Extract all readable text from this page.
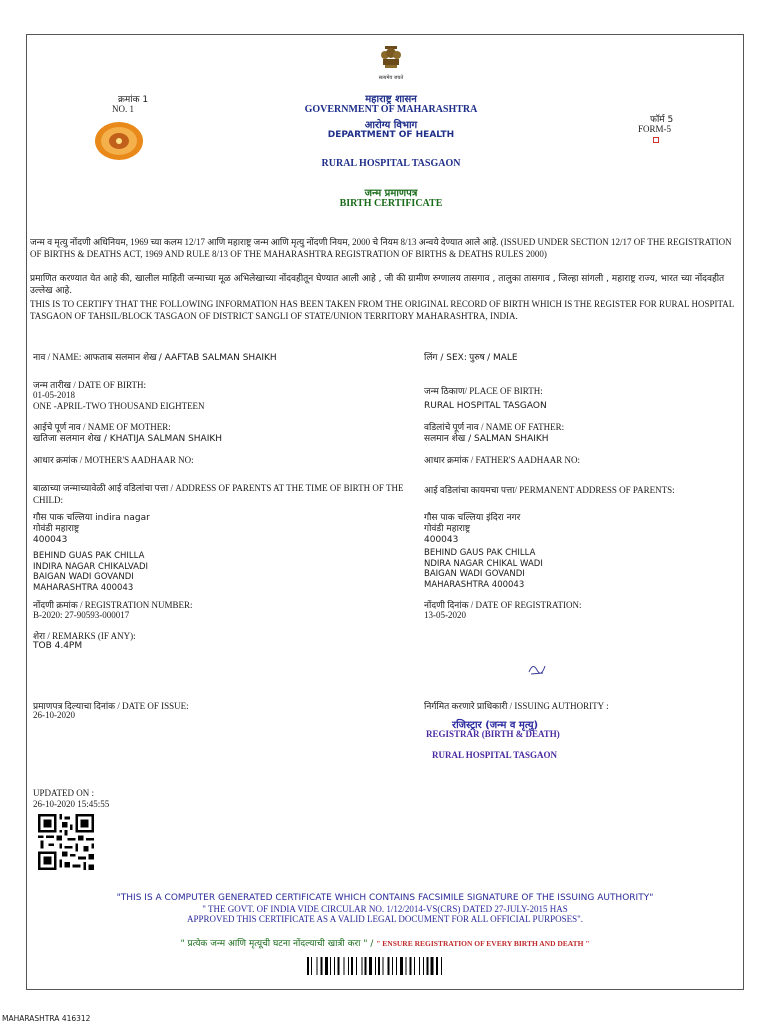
सत्यमेव जयते
क्रमांक 1
NO. 1
महाराष्ट्र शासन
GOVERNMENT OF MAHARASHTRA
आरोग्य विभाग
DEPARTMENT OF HEALTH
फॉर्म 5
FORM-5
RURAL HOSPITAL TASGAON
जन्म प्रमाणपत्र
BIRTH CERTIFICATE
जन्म व मृत्यु नोंदणी अधिनियम, 1969 च्या कलम 12/17 आणि महाराष्ट्र जन्म आणि मृत्यु नोंदणी नियम, 2000 चे नियम 8/13 अन्वये देण्यात आले आहे. (ISSUED UNDER SECTION 12/17 OF THE REGISTRATION OF BIRTHS & DEATHS ACT, 1969 AND RULE 8/13 OF THE MAHARASHTRA REGISTRATION OF BIRTHS & DEATHS RULES 2000)
प्रमाणित करण्यात येत आहे की, खालील माहिती जन्माच्या मूळ अभिलेखाच्या नोंदवहीतून घेण्यात आली आहे , जी की ग्रामीण रुग्णालय तासगाव , तालुका तासगाव , जिल्हा सांगली , महाराष्ट्र राज्य, भारत च्या नोंदवहीत उल्लेख आहे.
THIS IS TO CERTIFY THAT THE FOLLOWING INFORMATION HAS BEEN TAKEN FROM THE ORIGINAL RECORD OF BIRTH WHICH IS THE REGISTER FOR RURAL HOSPITAL TASGAON OF TAHSIL/BLOCK TASGAON OF DISTRICT SANGLI OF STATE/UNION TERRITORY MAHARASHTRA, INDIA.
नाव / NAME: आफताब सलमान शेख / AAFTAB SALMAN SHAIKH	लिंग / SEX: पुरुष / MALE
जन्म तारीख / DATE OF BIRTH:
01-05-2018
ONE -APRIL-TWO THOUSAND EIGHTEEN
जन्म ठिकाण/ PLACE OF BIRTH:
RURAL HOSPITAL TASGAON
आईचे पूर्ण नाव / NAME OF MOTHER:
खतिजा सलमान शेख / KHATIJA SALMAN SHAIKH
वडिलांचे पूर्ण नाव / NAME OF FATHER:
सलमान शेख / SALMAN SHAIKH
आधार क्रमांक / MOTHER'S AADHAAR NO:	आधार क्रमांक / FATHER'S AADHAAR NO:
बाळाच्या जन्माच्यावेळी आई वडिलांचा पत्ता / ADDRESS OF PARENTS AT THE TIME OF BIRTH OF THE CHILD:
आई वडिलांचा कायमचा पत्ता/ PERMANENT ADDRESS OF PARENTS:
गौस पाक चल्लिया indira nagar
गोवंडी महाराष्ट्र
400043
BEHIND GUAS PAK CHILLA
INDIRA NAGAR CHIKALVADI
BAIGAN WADI GOVANDI
MAHARASHTRA 400043
गौस पाक चल्लिया इंदिरा नगर
गोवंडी महाराष्ट्र
400043
BEHIND GAUS PAK CHILLA
NDIRA NAGAR CHIKAL WADI
BAIGAN WADI GOVANDI
MAHARASHTRA 400043
नोंदणी क्रमांक / REGISTRATION NUMBER:
B-2020: 27-90593-000017
नोंदणी दिनांक / DATE OF REGISTRATION:
13-05-2020
शेरा / REMARKS (IF ANY):
TOB 4.4PM
प्रमाणपत्र दिल्याचा दिनांक / DATE OF ISSUE:
26-10-2020
निर्गमित करणारे प्राधिकारी / ISSUING AUTHORITY :
रजिस्ट्रार (जन्म व मृत्यु)
REGISTRAR (BIRTH & DEATH)
RURAL HOSPITAL TASGAON
UPDATED ON :
26-10-2020 15:45:55
"THIS IS A COMPUTER GENERATED CERTIFICATE WHICH CONTAINS FACSIMILE SIGNATURE OF THE ISSUING AUTHORITY"
" THE GOVT. OF INDIA VIDE CIRCULAR NO. 1/12/2014-VS(CRS) DATED 27-JULY-2015 HAS
APPROVED THIS CERTIFICATE AS A VALID LEGAL DOCUMENT FOR ALL OFFICIAL PURPOSES".
" प्रत्येक जन्म आणि मृत्यूची घटना नोंदल्याची खात्री करा " / " ENSURE REGISTRATION OF EVERY BIRTH AND DEATH "
MAHARASHTRA 416312
